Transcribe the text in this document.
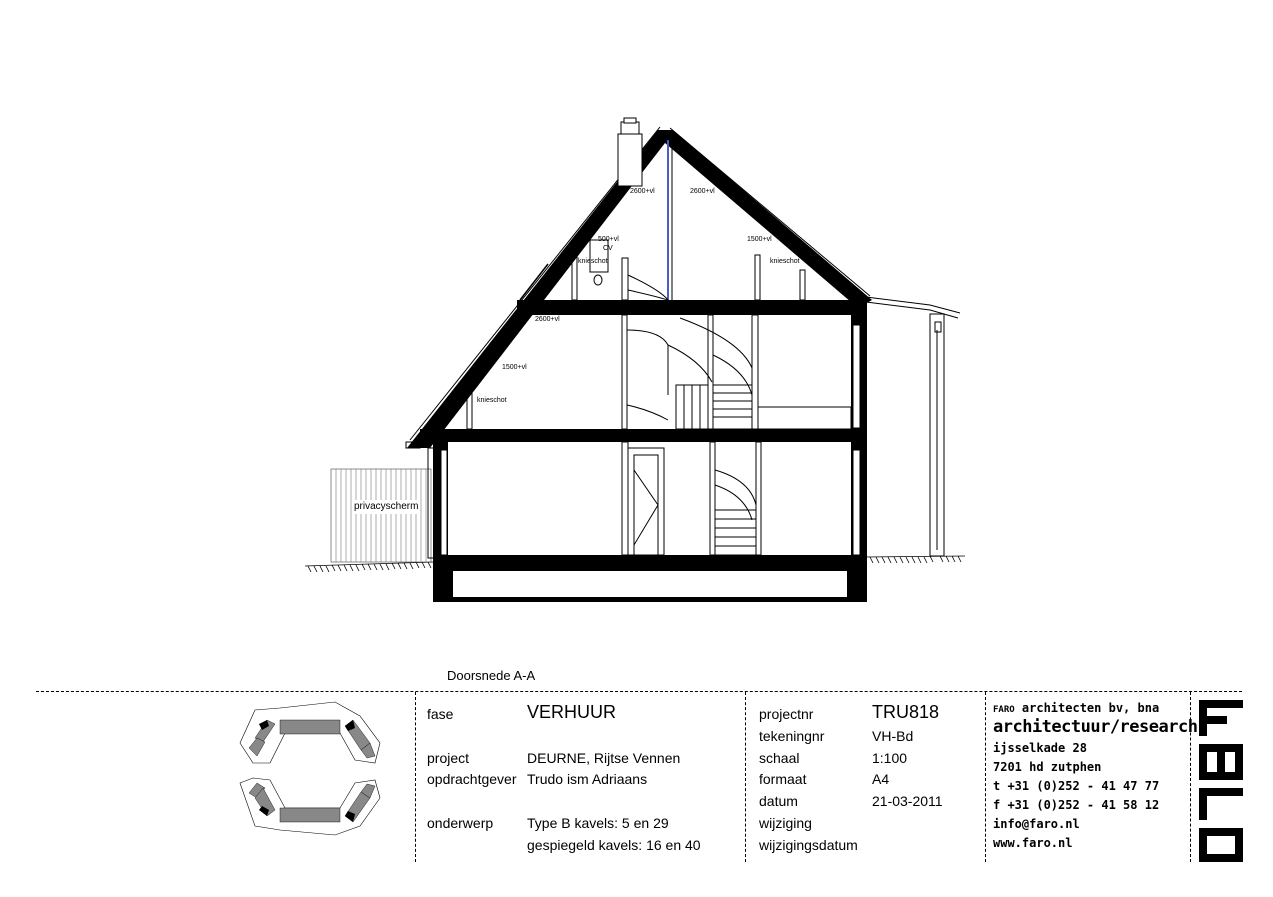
privacyscherm
2600+vl	2600+vl
2600+vl
1500+vl
1500+vl
500+vl
CV
knieschot	knieschot
knieschot
Doorsnede A-A
fase	VERHUUR
project	DEURNE, Rijtse Vennen
opdrachtgever Trudo ism Adriaans
onderwerp Type B kavels: 5 en 29
gespiegeld kavels: 16 en 40
projectnr	TRU818
tekeningnr	VH-Bd
schaal	1:100
formaat	A4
datum	21-03-2011
wijziging
wijzigingsdatum
FARO architecten bv, bna
architectuur/research
ijsselkade 28
7201 hd zutphen
t +31 (0)252 - 41 47 77
f +31 (0)252 - 41 58 12
info@faro.nl
www.faro.nl
